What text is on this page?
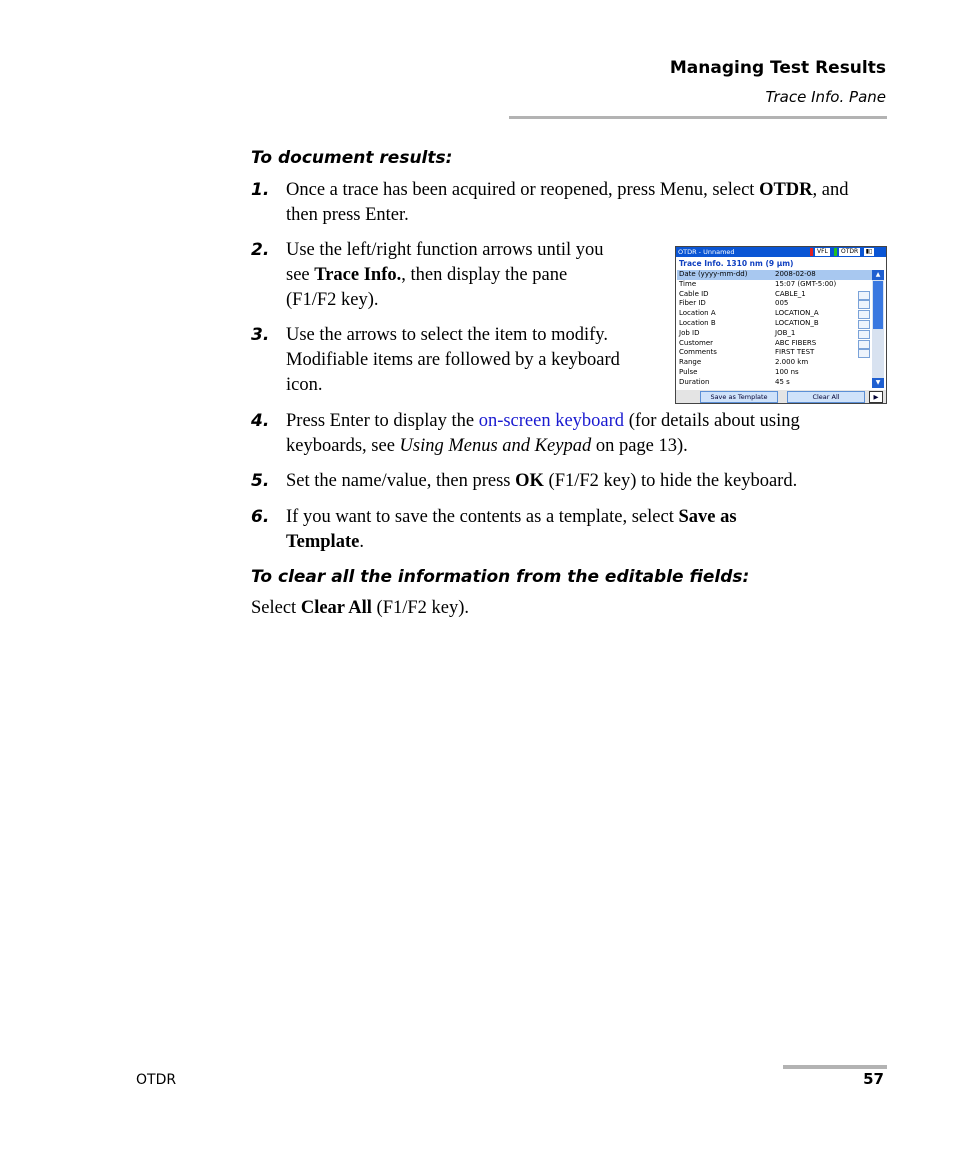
Managing Test Results
Trace Info. Pane
To document results:
1. Once a trace has been acquired or reopened, press Menu, select OTDR, and then press Enter.
2. Use the left/right function arrows until you
see Trace Info., then display the pane
(F1/F2 key).
3. Use the arrows to select the item to modify.
Modifiable items are followed by a keyboard
icon.
OTDR - Unnamed	VFL	OTDR	▮▯
Trace Info. 1310 nm (9 μm)
Date (yyyy-mm-dd)	2008-02-08
Time	15:07 (GMT-5:00)
Cable ID	CABLE_1
Fiber ID	005
Location A	LOCATION_A
Location B	LOCATION_B
Job ID	JOB_1
Customer	ABC FIBERS
Comments	FIRST TEST
Range	2.000 km
Pulse	100 ns
Duration	45 s
▲
▼
Save as Template	Clear All	▶
4. Press Enter to display the on-screen keyboard (for details about using
keyboards, see Using Menus and Keypad on page 13).
5. Set the name/value, then press OK (F1/F2 key) to hide the keyboard.
6. If you want to save the contents as a template, select Save as
Template.
To clear all the information from the editable fields:
Select Clear All (F1/F2 key).
OTDR	57
